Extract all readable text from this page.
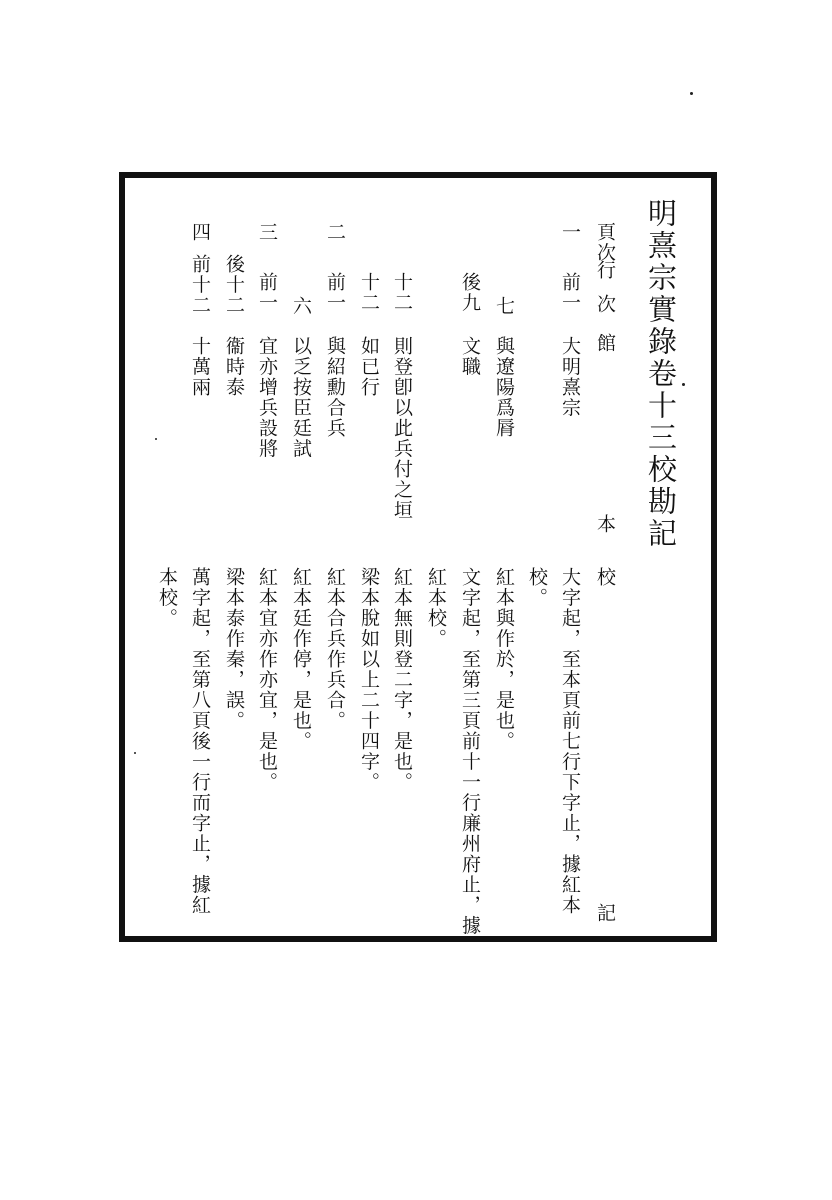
明熹宗實錄卷十三校勘記
頁次
行
次
館
本
校
記
一
前一
大明熹宗
大字起，至本頁前七行下字止，據紅本
校。
七
與遼陽爲脣
紅本與作於，是也。
後九
文職
文字起，至第三頁前十一行廉州府止，據
紅本校。
十二
則登卽以此兵付之垣
紅本無則登二字，是也。
十二
如已行
梁本脫如以上二十四字。
二
前一
與紹勳合兵
紅本合兵作兵合。
六
以乏按臣廷試
紅本廷作停，是也。
三
前一
宜亦增兵設將
紅本宜亦作亦宜，是也。
後十二
衞時泰
梁本泰作秦，誤。
四
前十二
十萬兩
萬字起，至第八頁後一行而字止，據紅
本校。
